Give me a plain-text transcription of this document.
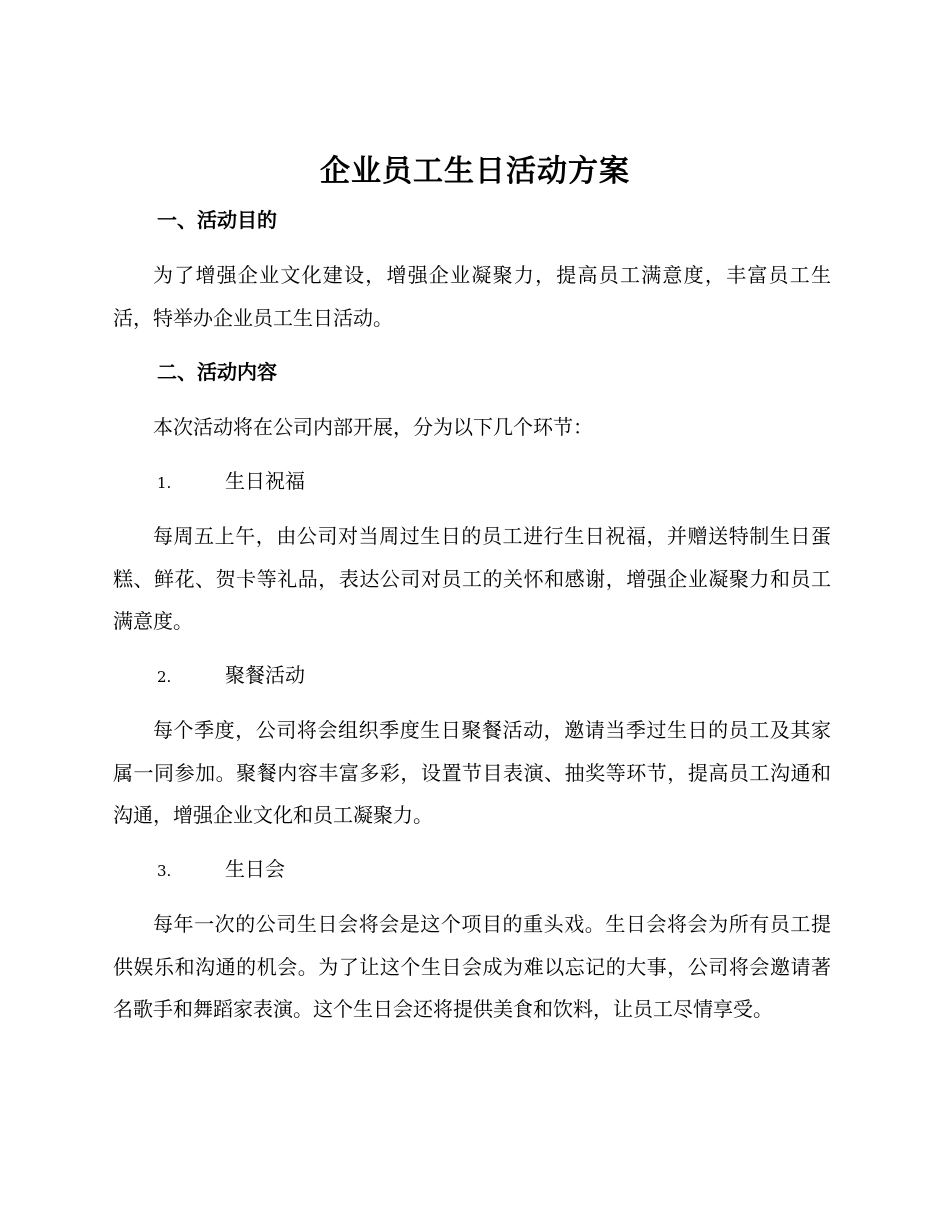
企业员工生日活动方案
一、活动目的

为了增强企业文化建设，增强企业凝聚力，提高员工满意度，丰富员工生活，特举办企业员工生日活动。

二、活动内容

本次活动将在公司内部开展，分为以下几个环节：

1.	生日祝福

每周五上午，由公司对当周过生日的员工进行生日祝福，并赠送特制生日蛋糕、鲜花、贺卡等礼品，表达公司对员工的关怀和感谢，增强企业凝聚力和员工满意度。

2.	聚餐活动

每个季度，公司将会组织季度生日聚餐活动，邀请当季过生日的员工及其家属一同参加。聚餐内容丰富多彩，设置节目表演、抽奖等环节，提高员工沟通和沟通，增强企业文化和员工凝聚力。

3.	生日会

每年一次的公司生日会将会是这个项目的重头戏。生日会将会为所有员工提供娱乐和沟通的机会。为了让这个生日会成为难以忘记的大事，公司将会邀请著名歌手和舞蹈家表演。这个生日会还将提供美食和饮料，让员工尽情享受。
